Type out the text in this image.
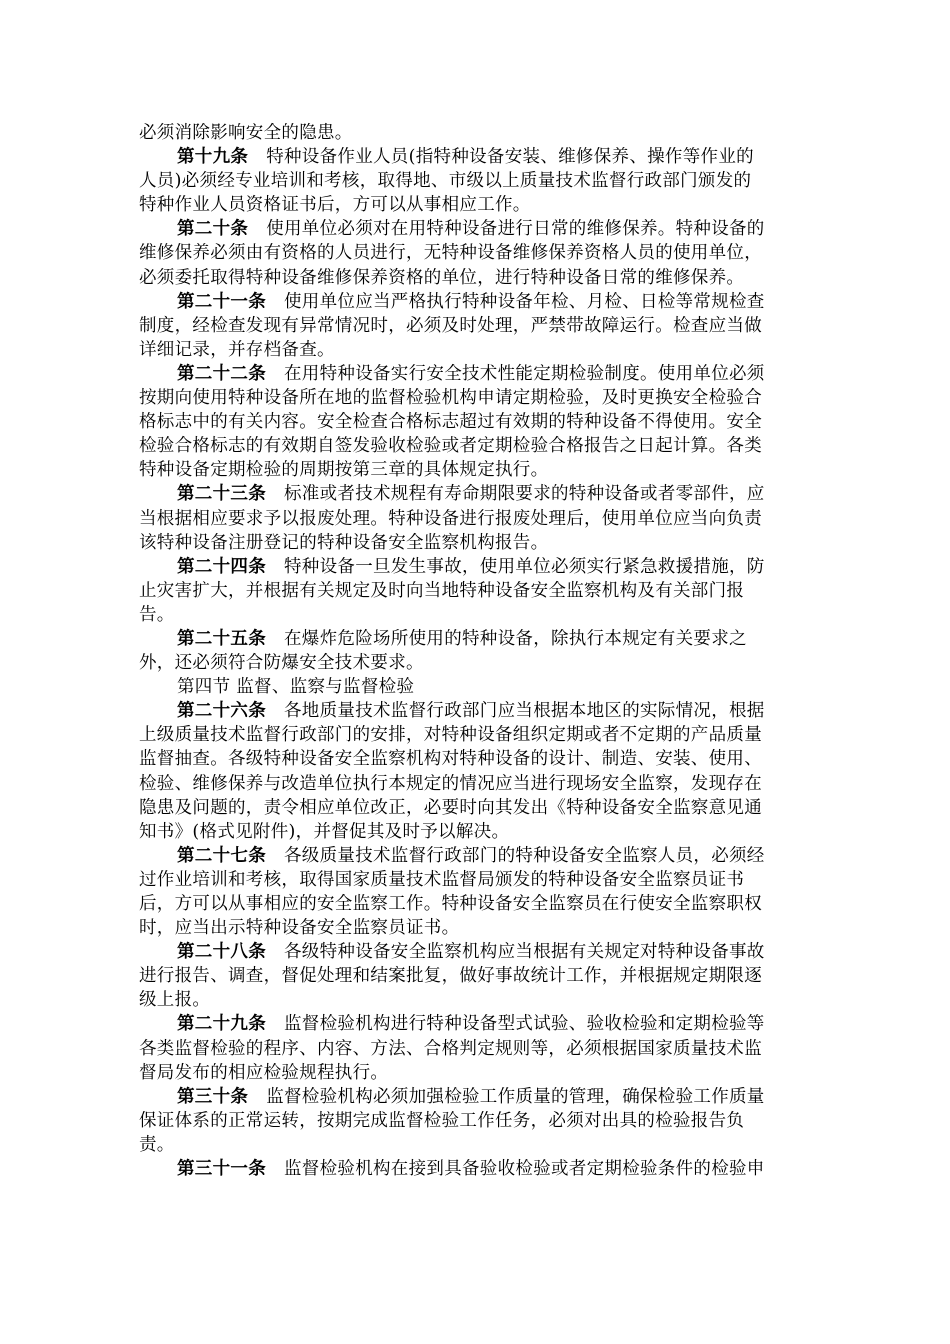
必须消除影响安全的隐患。
第十九条 特种设备作业人员(指特种设备安装、维修保养、操作等作业的
人员)必须经专业培训和考核，取得地、市级以上质量技术监督行政部门颁发的
特种作业人员资格证书后，方可以从事相应工作。
第二十条 使用单位必须对在用特种设备进行日常的维修保养。特种设备的
维修保养必须由有资格的人员进行，无特种设备维修保养资格人员的使用单位，
必须委托取得特种设备维修保养资格的单位，进行特种设备日常的维修保养。
第二十一条 使用单位应当严格执行特种设备年检、月检、日检等常规检查
制度，经检查发现有异常情况时，必须及时处理，严禁带故障运行。检查应当做
详细记录，并存档备查。
第二十二条 在用特种设备实行安全技术性能定期检验制度。使用单位必须
按期向使用特种设备所在地的监督检验机构申请定期检验，及时更换安全检验合
格标志中的有关内容。安全检查合格标志超过有效期的特种设备不得使用。安全
检验合格标志的有效期自签发验收检验或者定期检验合格报告之日起计算。各类
特种设备定期检验的周期按第三章的具体规定执行。
第二十三条 标准或者技术规程有寿命期限要求的特种设备或者零部件，应
当根据相应要求予以报废处理。特种设备进行报废处理后，使用单位应当向负责
该特种设备注册登记的特种设备安全监察机构报告。
第二十四条 特种设备一旦发生事故，使用单位必须实行紧急救援措施，防
止灾害扩大，并根据有关规定及时向当地特种设备安全监察机构及有关部门报
告。
第二十五条 在爆炸危险场所使用的特种设备，除执行本规定有关要求之
外，还必须符合防爆安全技术要求。
第四节 监督、监察与监督检验
第二十六条 各地质量技术监督行政部门应当根据本地区的实际情况，根据
上级质量技术监督行政部门的安排，对特种设备组织定期或者不定期的产品质量
监督抽查。各级特种设备安全监察机构对特种设备的设计、制造、安装、使用、
检验、维修保养与改造单位执行本规定的情况应当进行现场安全监察，发现存在
隐患及问题的，责令相应单位改正，必要时向其发出《特种设备安全监察意见通
知书》(格式见附件)，并督促其及时予以解决。
第二十七条 各级质量技术监督行政部门的特种设备安全监察人员，必须经
过作业培训和考核，取得国家质量技术监督局颁发的特种设备安全监察员证书
后，方可以从事相应的安全监察工作。特种设备安全监察员在行使安全监察职权
时，应当出示特种设备安全监察员证书。
第二十八条 各级特种设备安全监察机构应当根据有关规定对特种设备事故
进行报告、调查，督促处理和结案批复，做好事故统计工作，并根据规定期限逐
级上报。
第二十九条 监督检验机构进行特种设备型式试验、验收检验和定期检验等
各类监督检验的程序、内容、方法、合格判定规则等，必须根据国家质量技术监
督局发布的相应检验规程执行。
第三十条 监督检验机构必须加强检验工作质量的管理，确保检验工作质量
保证体系的正常运转，按期完成监督检验工作任务，必须对出具的检验报告负
责。
第三十一条 监督检验机构在接到具备验收检验或者定期检验条件的检验申
